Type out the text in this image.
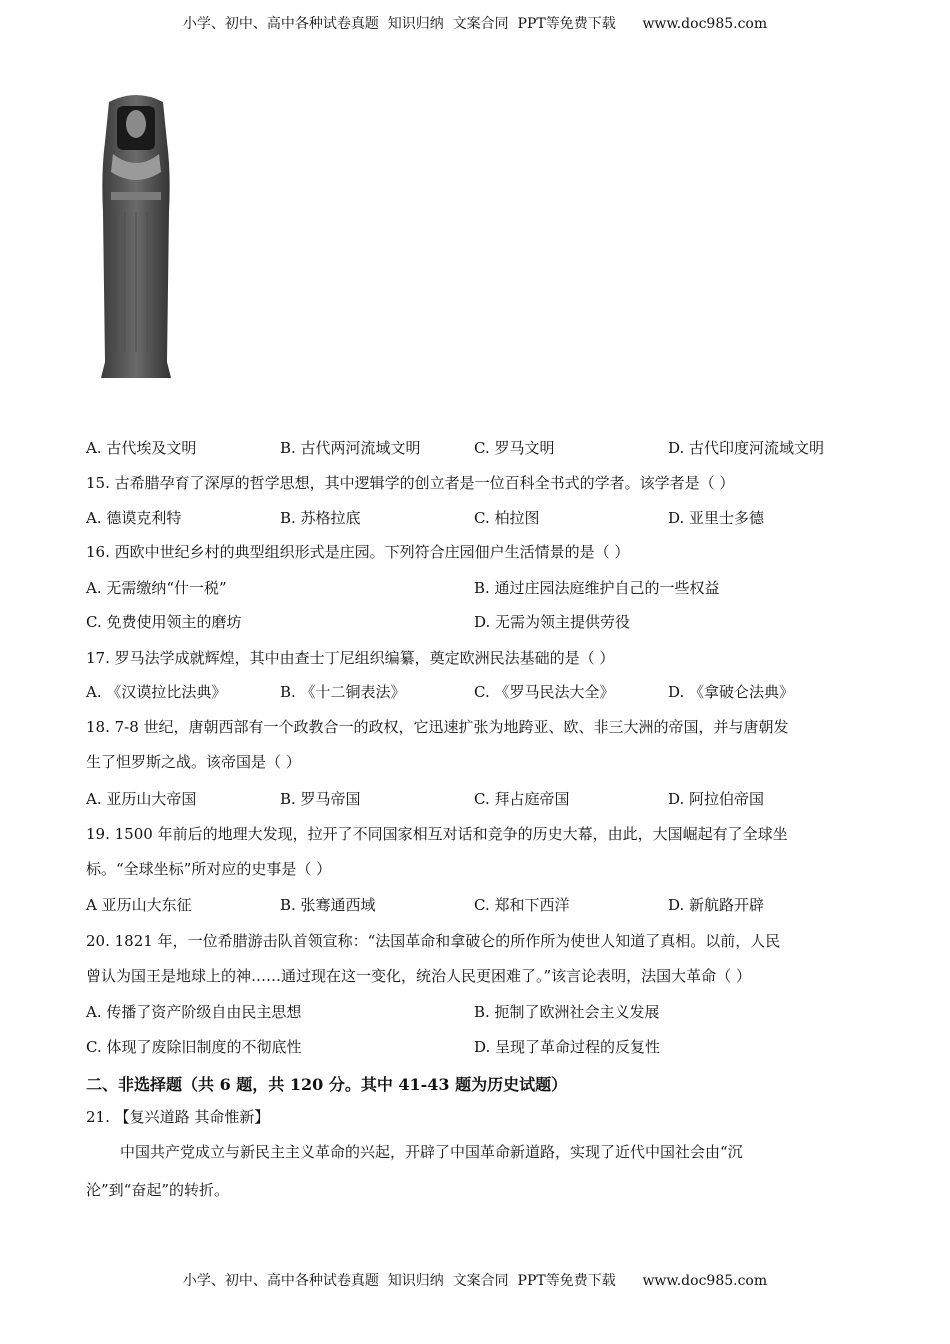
小学、初中、高中各种试卷真题  知识归纳  文案合同  PPT等免费下载      www.doc985.com
A. 古代埃及文明	B. 古代两河流域文明	C. 罗马文明	D. 古代印度河流域文明
15. 古希腊孕育了深厚的哲学思想，其中逻辑学的创立者是一位百科全书式的学者。该学者是（ ）
A. 德谟克利特	B. 苏格拉底	C. 柏拉图	D. 亚里士多德
16. 西欧中世纪乡村的典型组织形式是庄园。下列符合庄园佃户生活情景的是（ ）
A. 无需缴纳“什一税”	B. 通过庄园法庭维护自己的一些权益
C. 免费使用领主的磨坊	D. 无需为领主提供劳役
17. 罗马法学成就辉煌，其中由查士丁尼组织编纂，奠定欧洲民法基础的是（ ）
A. 《汉谟拉比法典》	B. 《十二铜表法》	C. 《罗马民法大全》	D. 《拿破仑法典》
18. 7-8 世纪，唐朝西部有一个政教合一的政权，它迅速扩张为地跨亚、欧、非三大洲的帝国，并与唐朝发
生了怛罗斯之战。该帝国是（ ）
A. 亚历山大帝国	B. 罗马帝国	C. 拜占庭帝国	D. 阿拉伯帝国
19. 1500 年前后的地理大发现，拉开了不同国家相互对话和竞争的历史大幕，由此，大国崛起有了全球坐
标。“全球坐标”所对应的史事是（ ）
A 亚历山大东征	B. 张骞通西域	C. 郑和下西洋	D. 新航路开辟
20. 1821 年，一位希腊游击队首领宣称：“法国革命和拿破仑的所作所为使世人知道了真相。以前，人民
曾认为国王是地球上的神……通过现在这一变化，统治人民更困难了。”该言论表明，法国大革命（ ）
A. 传播了资产阶级自由民主思想	B. 扼制了欧洲社会主义发展
C. 体现了废除旧制度的不彻底性	D. 呈现了革命过程的反复性
二、非选择题（共 6 题，共 120 分。其中 41-43 题为历史试题）
21. 【复兴道路 其命惟新】
中国共产党成立与新民主主义革命的兴起，开辟了中国革命新道路，实现了近代中国社会由“沉
沦”到“奋起”的转折。
小学、初中、高中各种试卷真题  知识归纳  文案合同  PPT等免费下载      www.doc985.com
